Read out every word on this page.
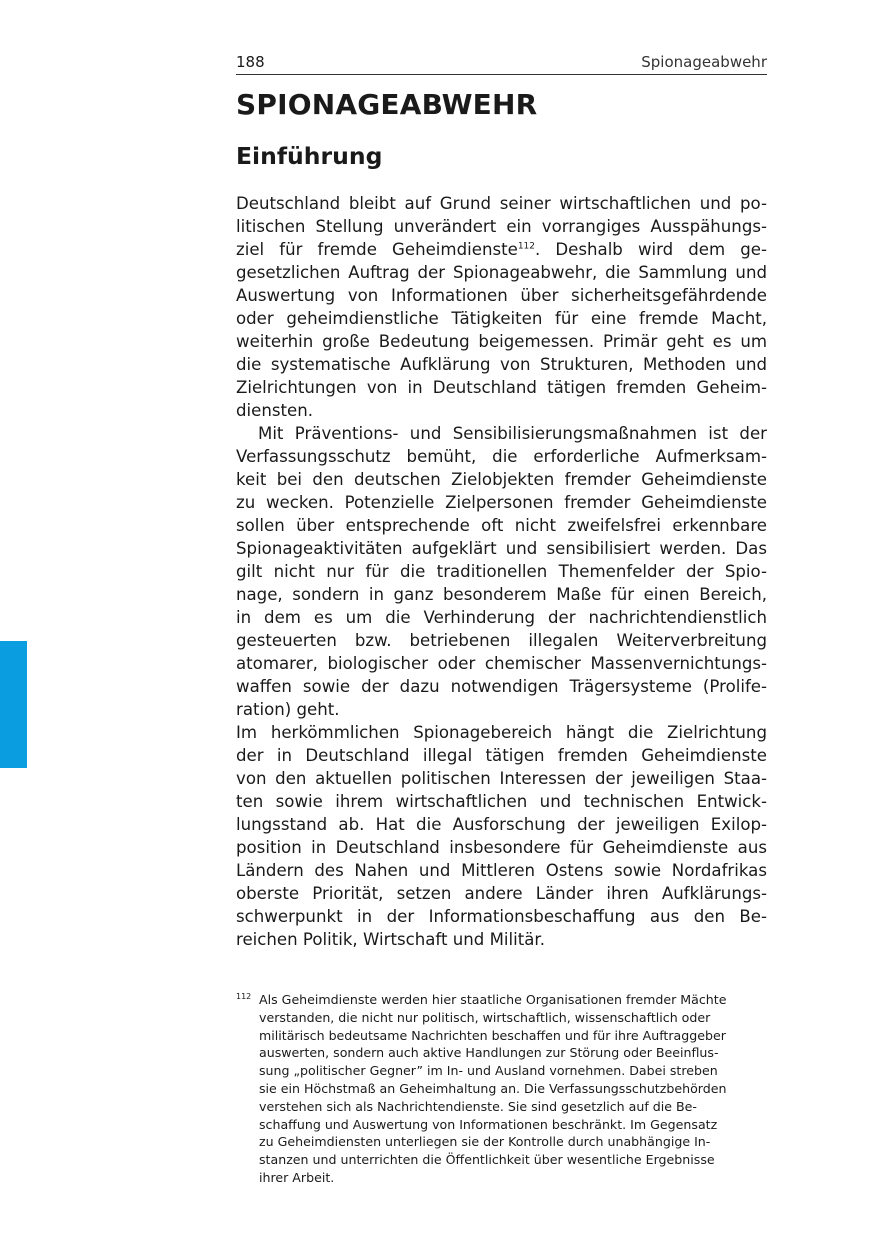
188	Spionageabwehr
SPIONAGEABWEHR
Einführung
Deutschland bleibt auf Grund seiner wirtschaftlichen und po-
litischen Stellung unverändert ein vorrangiges Ausspähungs-
ziel für fremde Geheimdienste$^{112}$. Deshalb wird dem ge-
gesetzlichen Auftrag der Spionageabwehr, die Sammlung und
Auswertung von Informationen über sicherheitsgefährdende
oder geheimdienstliche Tätigkeiten für eine fremde Macht,
weiterhin große Bedeutung beigemessen. Primär geht es um
die systematische Aufklärung von Strukturen, Methoden und
Zielrichtungen von in Deutschland tätigen fremden Geheim-
diensten.
Mit Präventions- und Sensibilisierungsmaßnahmen ist der
Verfassungsschutz bemüht, die erforderliche Aufmerksam-
keit bei den deutschen Zielobjekten fremder Geheimdienste
zu wecken. Potenzielle Zielpersonen fremder Geheimdienste
sollen über entsprechende oft nicht zweifelsfrei erkennbare
Spionageaktivitäten aufgeklärt und sensibilisiert werden. Das
gilt nicht nur für die traditionellen Themenfelder der Spio-
nage, sondern in ganz besonderem Maße für einen Bereich,
in dem es um die Verhinderung der nachrichtendienstlich
gesteuerten bzw. betriebenen illegalen Weiterverbreitung
atomarer, biologischer oder chemischer Massenvernichtungs-
waffen sowie der dazu notwendigen Trägersysteme (Prolife-
ration) geht.
Im herkömmlichen Spionagebereich hängt die Zielrichtung
der in Deutschland illegal tätigen fremden Geheimdienste
von den aktuellen politischen Interessen der jeweiligen Staa-
ten sowie ihrem wirtschaftlichen und technischen Entwick-
lungsstand ab. Hat die Ausforschung der jeweiligen Exilop-
position in Deutschland insbesondere für Geheimdienste aus
Ländern des Nahen und Mittleren Ostens sowie Nordafrikas
oberste Priorität, setzen andere Länder ihren Aufklärungs-
schwerpunkt in der Informationsbeschaffung aus den Be-
reichen Politik, Wirtschaft und Militär.
112 Als Geheimdienste werden hier staatliche Organisationen fremder Mächte
verstanden, die nicht nur politisch, wirtschaftlich, wissenschaftlich oder
militärisch bedeutsame Nachrichten beschaffen und für ihre Auftraggeber
auswerten, sondern auch aktive Handlungen zur Störung oder Beeinflus-
sung „politischer Gegner” im In- und Ausland vornehmen. Dabei streben
sie ein Höchstmaß an Geheimhaltung an. Die Verfassungsschutzbehörden
verstehen sich als Nachrichtendienste. Sie sind gesetzlich auf die Be-
schaffung und Auswertung von Informationen beschränkt. Im Gegensatz
zu Geheimdiensten unterliegen sie der Kontrolle durch unabhängige In-
stanzen und unterrichten die Öffentlichkeit über wesentliche Ergebnisse
ihrer Arbeit.
